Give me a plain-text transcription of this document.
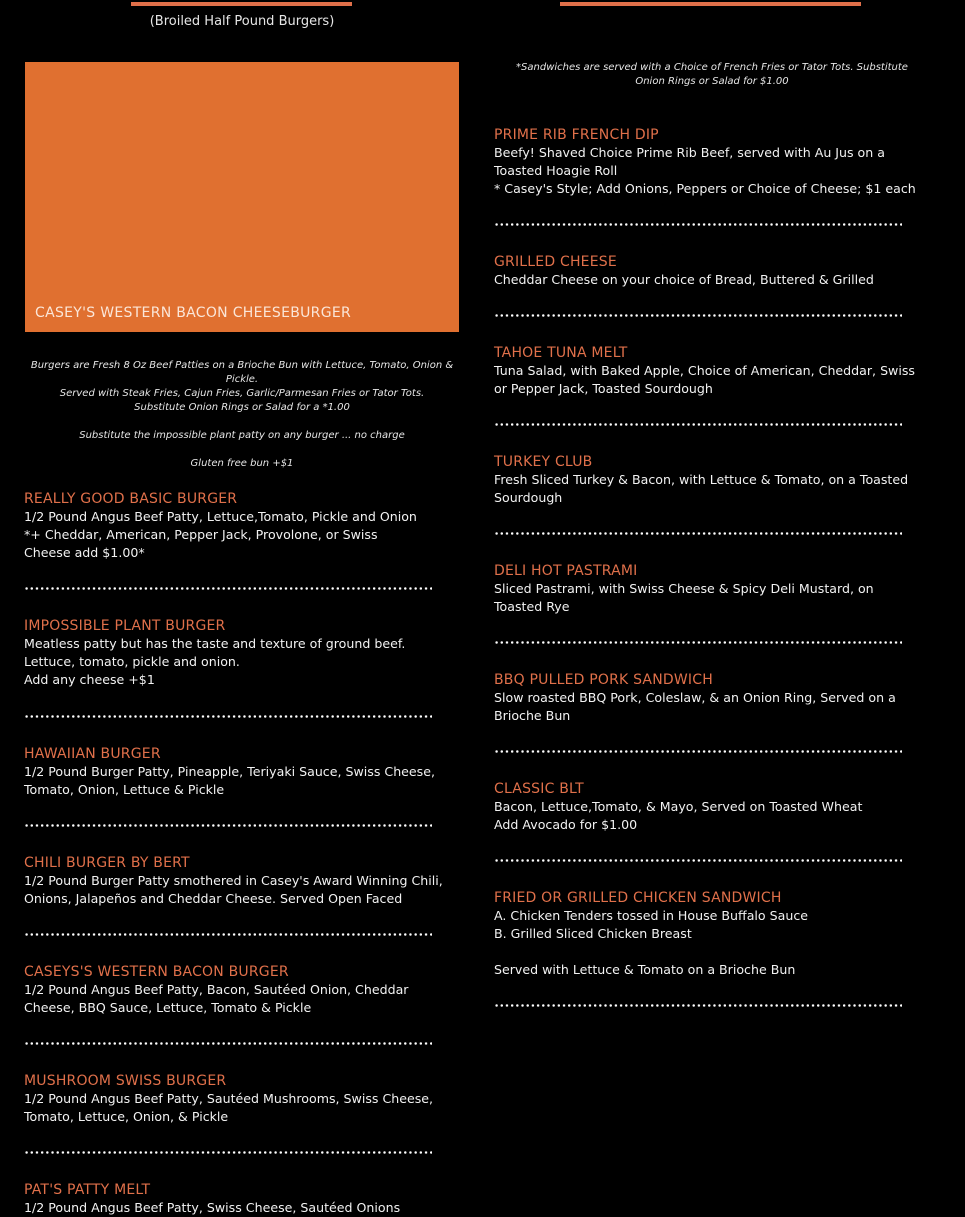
(Broiled Half Pound Burgers)
CASEY'S WESTERN BACON CHEESEBURGER
Burgers are Fresh 8 Oz Beef Patties on a Brioche Bun with Lettuce, Tomato, Onion & Pickle.
Served with Steak Fries, Cajun Fries, Garlic/Parmesan Fries or Tator Tots.
Substitute Onion Rings or Salad for a *1.00
Substitute the impossible plant patty on any burger ... no charge
Gluten free bun +$1
REALLY GOOD BASIC BURGER
1/2 Pound Angus Beef Patty, Lettuce,Tomato, Pickle and Onion
*+ Cheddar, American, Pepper Jack, Provolone, or Swiss
Cheese add $1.00*
IMPOSSIBLE PLANT BURGER
Meatless patty but has the taste and texture of ground beef.
Lettuce, tomato, pickle and onion.
Add any cheese +$1
HAWAIIAN BURGER
1/2 Pound Burger Patty, Pineapple, Teriyaki Sauce, Swiss Cheese,
Tomato, Onion, Lettuce & Pickle
CHILI BURGER BY BERT
1/2 Pound Burger Patty smothered in Casey's Award Winning Chili,
Onions, Jalapeños and Cheddar Cheese. Served Open Faced
CASEYS'S WESTERN BACON BURGER
1/2 Pound Angus Beef Patty, Bacon, Sautéed Onion, Cheddar
Cheese, BBQ Sauce, Lettuce, Tomato & Pickle
MUSHROOM SWISS BURGER
1/2 Pound Angus Beef Patty, Sautéed Mushrooms, Swiss Cheese,
Tomato, Lettuce, Onion, & Pickle
PAT'S PATTY MELT
1/2 Pound Angus Beef Patty, Swiss Cheese, Sautéed Onions
*Sandwiches are served with a Choice of French Fries or Tator Tots. Substitute Onion Rings or Salad for $1.00
PRIME RIB FRENCH DIP
Beefy! Shaved Choice Prime Rib Beef, served with Au Jus on a
Toasted Hoagie Roll
* Casey's Style; Add Onions, Peppers or Choice of Cheese; $1 each
GRILLED CHEESE
Cheddar Cheese on your choice of Bread, Buttered & Grilled
TAHOE TUNA MELT
Tuna Salad, with Baked Apple, Choice of American, Cheddar, Swiss
or Pepper Jack, Toasted Sourdough
TURKEY CLUB
Fresh Sliced Turkey & Bacon, with Lettuce & Tomato, on a Toasted
Sourdough
DELI HOT PASTRAMI
Sliced Pastrami, with Swiss Cheese & Spicy Deli Mustard, on
Toasted Rye
BBQ PULLED PORK SANDWICH
Slow roasted BBQ Pork, Coleslaw, & an Onion Ring, Served on a
Brioche Bun
CLASSIC BLT
Bacon, Lettuce,Tomato, & Mayo, Served on Toasted Wheat
Add Avocado for $1.00
FRIED OR GRILLED CHICKEN SANDWICH
A. Chicken Tenders tossed in House Buffalo Sauce
B. Grilled Sliced Chicken Breast

Served with Lettuce & Tomato on a Brioche Bun
